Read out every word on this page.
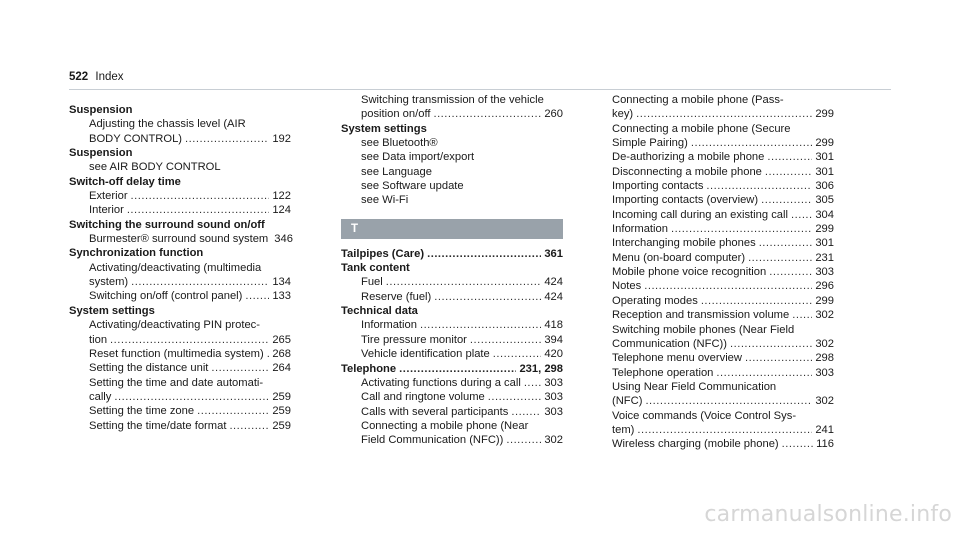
522 Index
Suspension
Adjusting the chassis level (AIR
BODY CONTROL) .....	192
Suspension
see AIR BODY CONTROL
Switch-off delay time
Exterior .....	122
Interior .....	124
Switching the surround sound on/off
Burmester® surround sound system 346
Synchronization function
Activating/deactivating (multimedia
system) .....	134
Switching on/off (control panel) .....	133
System settings
Activating/deactivating PIN protec-
tion .....	265
Reset function (multimedia system) ..... 268
Setting the distance unit .....	264
Setting the time and date automati-
cally .....	259
Setting the time zone .....	259
Setting the time/date format .....	259
Switching transmission of the vehicle
position on/off .....	260
System settings
see Bluetooth®
see Data import/export
see Language
see Software update
see Wi-Fi
T
Tailpipes (Care) .....	361
Tank content
Fuel .....	424
Reserve (fuel) .....	424
Technical data
Information .....	418
Tire pressure monitor .....	394
Vehicle identification plate .....	420
Telephone .....	231, 298
Activating functions during a call ..... 303
Call and ringtone volume .....	303
Calls with several participants .....	303
Connecting a mobile phone (Near
Field Communication (NFC)) .....	302
Connecting a mobile phone (Pass-
key) .....	299
Connecting a mobile phone (Secure
Simple Pairing) .....	299
De-authorizing a mobile phone .....	301
Disconnecting a mobile phone .....	301
Importing contacts .....	306
Importing contacts (overview) .....	305
Incoming call during an existing call ..... 304
Information .....	299
Interchanging mobile phones .....	301
Menu (on-board computer) .....	231
Mobile phone voice recognition .....	303
Notes .....	296
Operating modes .....	299
Reception and transmission volume ..... 302
Switching mobile phones (Near Field
Communication (NFC)) .....	302
Telephone menu overview .....	298
Telephone operation .....	303
Using Near Field Communication
(NFC) .....	302
Voice commands (Voice Control Sys-
tem) .....	241
Wireless charging (mobile phone) .....	116
carmanualsonline.info
